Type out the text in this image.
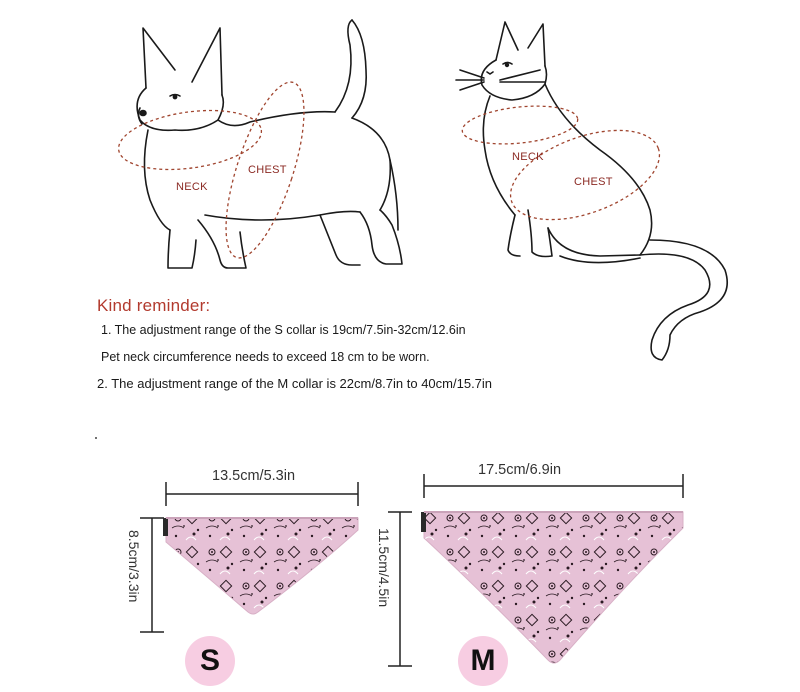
NECK
CHEST
NECK
CHEST
Kind reminder:
1. The adjustment range of the S collar is 19cm/7.5in-32cm/12.6in
Pet neck circumference needs to exceed 18 cm to be worn.
2. The adjustment range of the M collar is 22cm/8.7in to 40cm/15.7in
13.5cm/5.3in
8.5cm/3.3in
S
17.5cm/6.9in
11.5cm/4.5in
M
